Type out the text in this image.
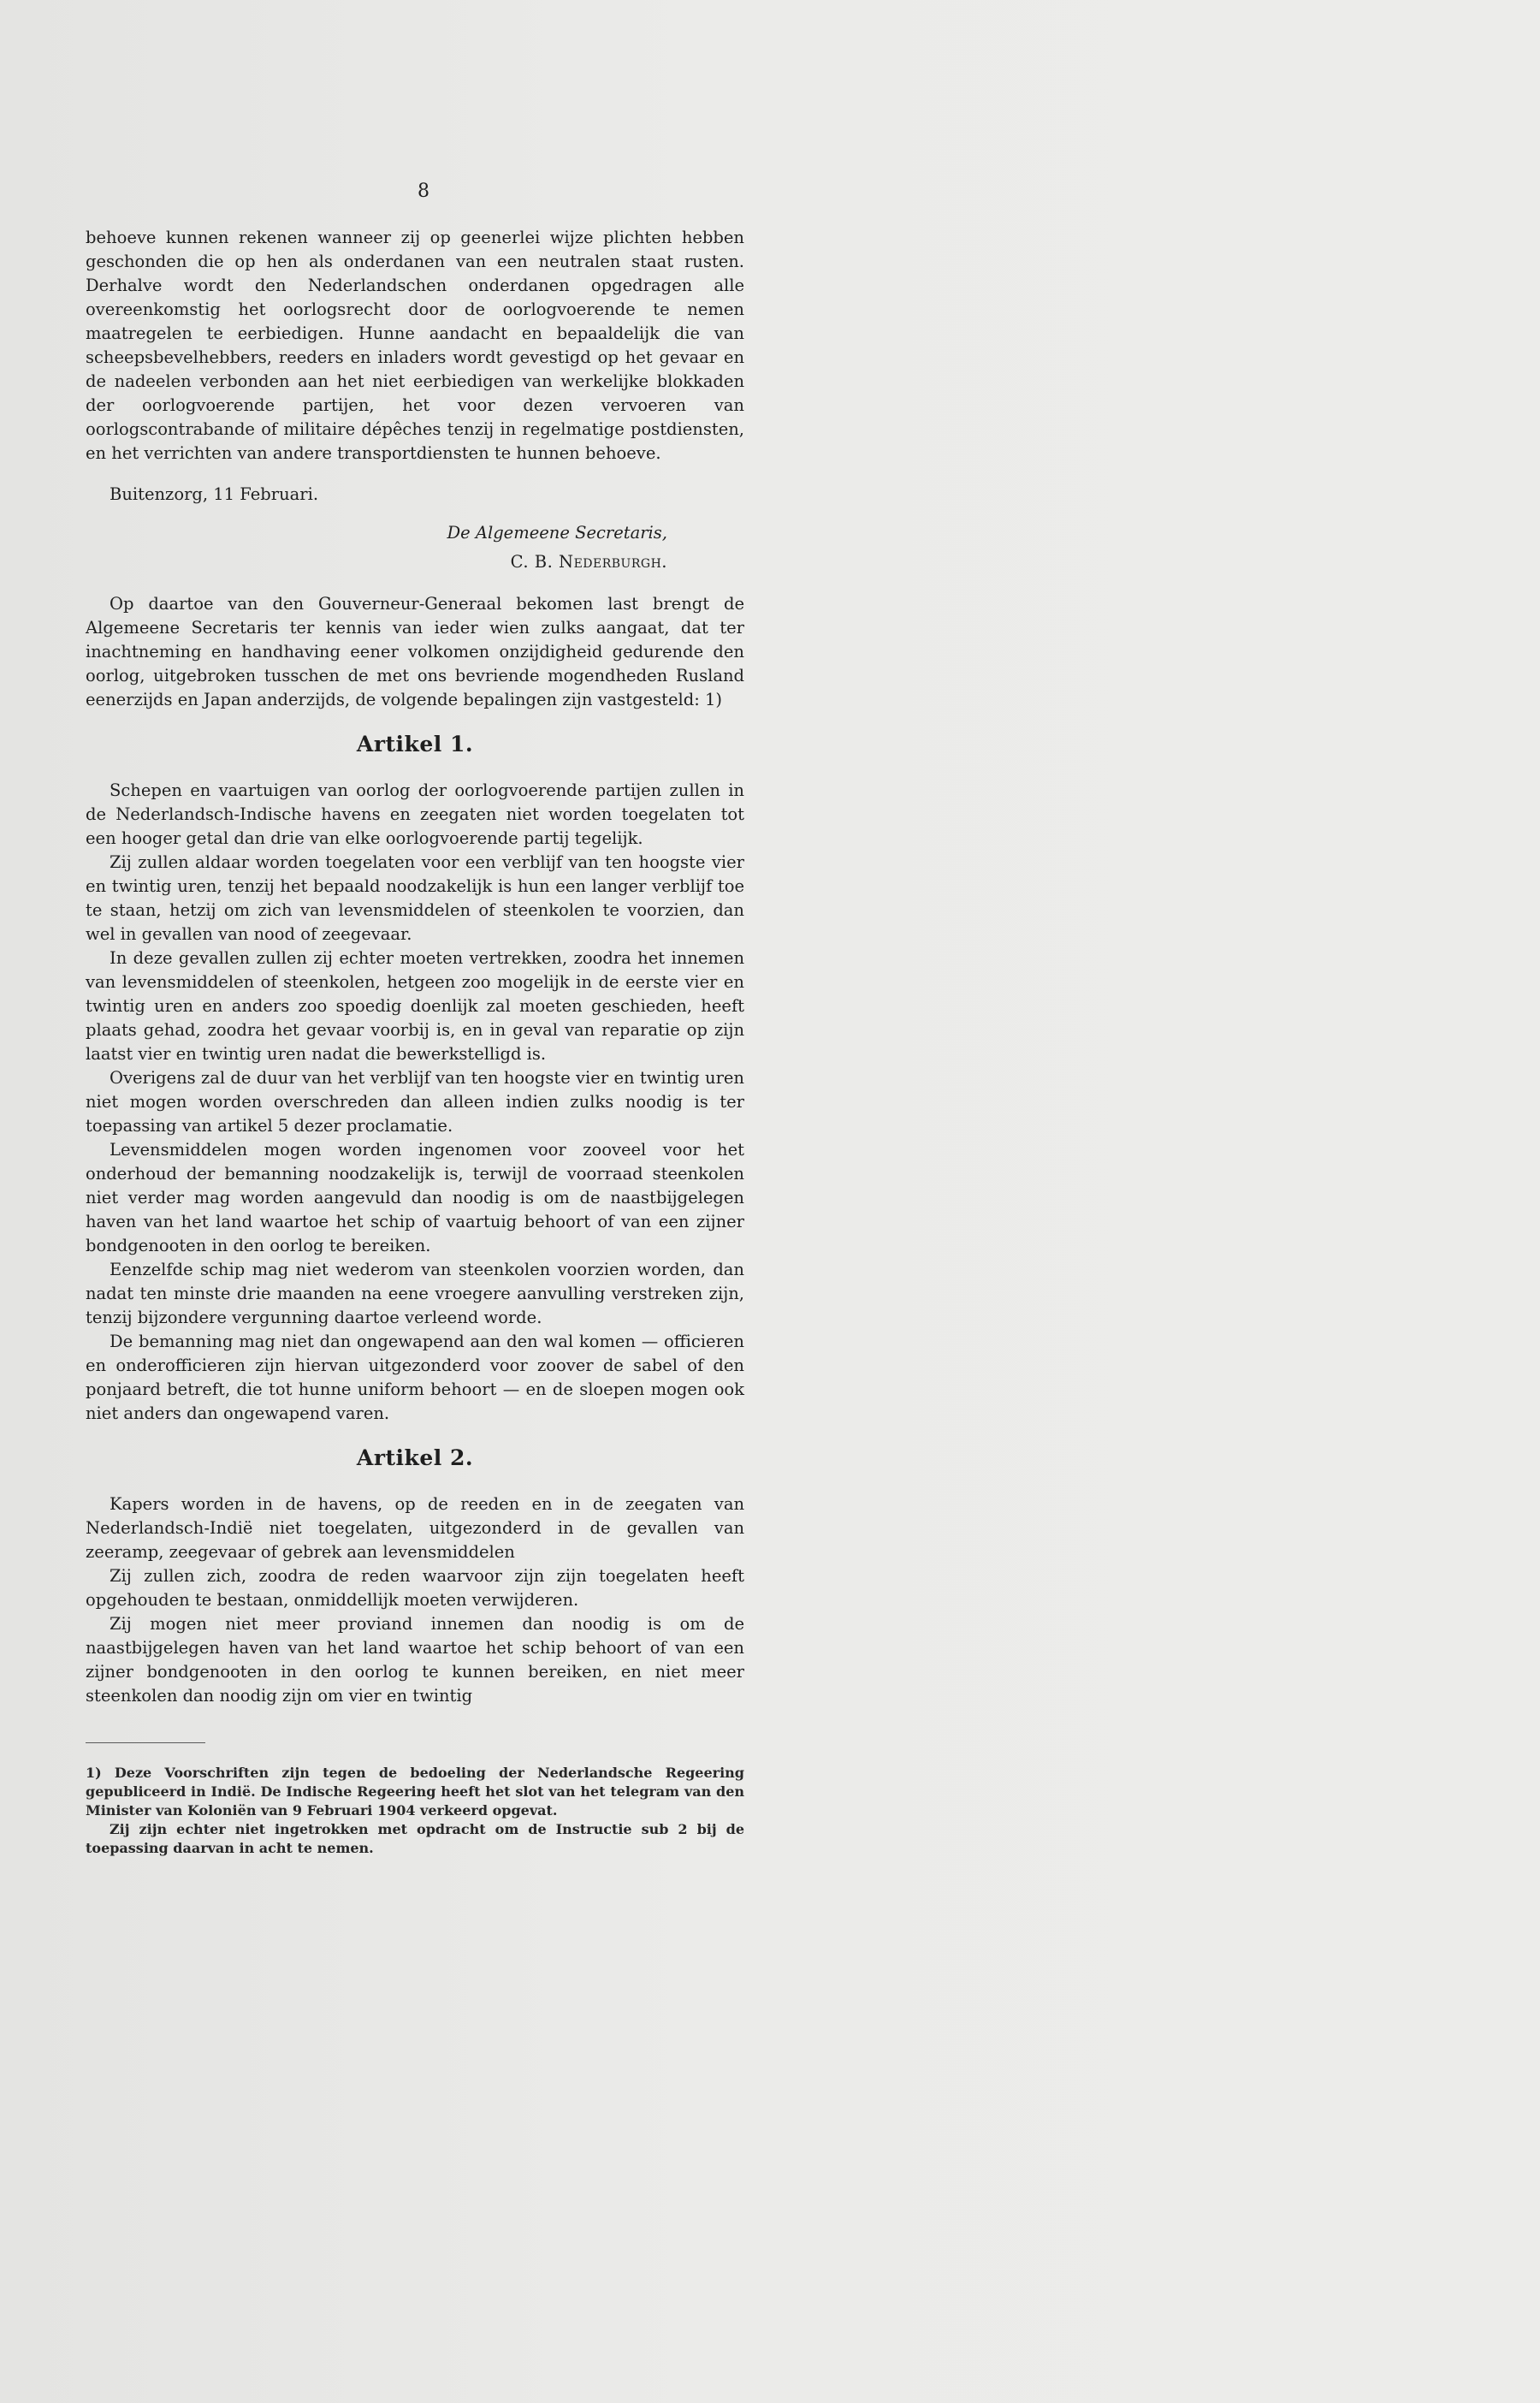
8

behoeve kunnen rekenen wanneer zij op geenerlei wijze plichten hebben geschonden die op hen als onderdanen van een neutralen staat rusten. Derhalve wordt den Nederlandschen onderdanen opgedragen alle overeenkomstig het oorlogsrecht door de oorlogvoerende te nemen maatregelen te eerbiedigen. Hunne aandacht en bepaaldelijk die van scheepsbevelhebbers, reeders en inladers wordt gevestigd op het gevaar en de nadeelen verbonden aan het niet eerbiedigen van werkelijke blokkaden der oorlogvoerende partijen, het voor dezen vervoeren van oorlogscontrabande of militaire dépêches tenzij in regelmatige postdiensten, en het verrichten van andere transportdiensten te hunnen behoeve.

Buitenzorg, 11 Februari.

De Algemeene Secretaris,
C. B. Nederburgh.

Op daartoe van den Gouverneur-Generaal bekomen last brengt de Algemeene Secretaris ter kennis van ieder wien zulks aangaat, dat ter inachtneming en handhaving eener volkomen onzijdigheid gedurende den oorlog, uitgebroken tusschen de met ons bevriende mogendheden Rusland eenerzijds en Japan anderzijds, de volgende bepalingen zijn vastgesteld: 1)

Artikel 1.

Schepen en vaartuigen van oorlog der oorlogvoerende partijen zullen in de Nederlandsch-Indische havens en zeegaten niet worden toegelaten tot een hooger getal dan drie van elke oorlogvoerende partij tegelijk.

Zij zullen aldaar worden toegelaten voor een verblijf van ten hoogste vier en twintig uren, tenzij het bepaald noodzakelijk is hun een langer verblijf toe te staan, hetzij om zich van levensmiddelen of steenkolen te voorzien, dan wel in gevallen van nood of zeegevaar.

In deze gevallen zullen zij echter moeten vertrekken, zoodra het innemen van levensmiddelen of steenkolen, hetgeen zoo mogelijk in de eerste vier en twintig uren en anders zoo spoedig doenlijk zal moeten geschieden, heeft plaats gehad, zoodra het gevaar voorbij is, en in geval van reparatie op zijn laatst vier en twintig uren nadat die bewerkstelligd is.

Overigens zal de duur van het verblijf van ten hoogste vier en twintig uren niet mogen worden overschreden dan alleen indien zulks noodig is ter toepassing van artikel 5 dezer proclamatie.

Levensmiddelen mogen worden ingenomen voor zooveel voor het onderhoud der bemanning noodzakelijk is, terwijl de voorraad steenkolen niet verder mag worden aangevuld dan noodig is om de naastbijgelegen haven van het land waartoe het schip of vaartuig behoort of van een zijner bondgenooten in den oorlog te bereiken.

Eenzelfde schip mag niet wederom van steenkolen voorzien worden, dan nadat ten minste drie maanden na eene vroegere aanvulling verstreken zijn, tenzij bijzondere vergunning daartoe verleend worde.

De bemanning mag niet dan ongewapend aan den wal komen — officieren en onderofficieren zijn hiervan uitgezonderd voor zoover de sabel of den ponjaard betreft, die tot hunne uniform behoort — en de sloepen mogen ook niet anders dan ongewapend varen.

Artikel 2.

Kapers worden in de havens, op de reeden en in de zeegaten van Nederlandsch-Indië niet toegelaten, uitgezonderd in de gevallen van zeeramp, zeegevaar of gebrek aan levensmiddelen

Zij zullen zich, zoodra de reden waarvoor zijn zijn toegelaten heeft opgehouden te bestaan, onmiddellijk moeten verwijderen.

Zij mogen niet meer proviand innemen dan noodig is om de naastbijgelegen haven van het land waartoe het schip behoort of van een zijner bondgenooten in den oorlog te kunnen bereiken, en niet meer steenkolen dan noodig zijn om vier en twintig

1) Deze Voorschriften zijn tegen de bedoeling der Nederlandsche Regeering gepubliceerd in Indië. De Indische Regeering heeft het slot van het telegram van den Minister van Koloniën van 9 Februari 1904 verkeerd opgevat.

Zij zijn echter niet ingetrokken met opdracht om de Instructie sub 2 bij de toepassing daarvan in acht te nemen.
